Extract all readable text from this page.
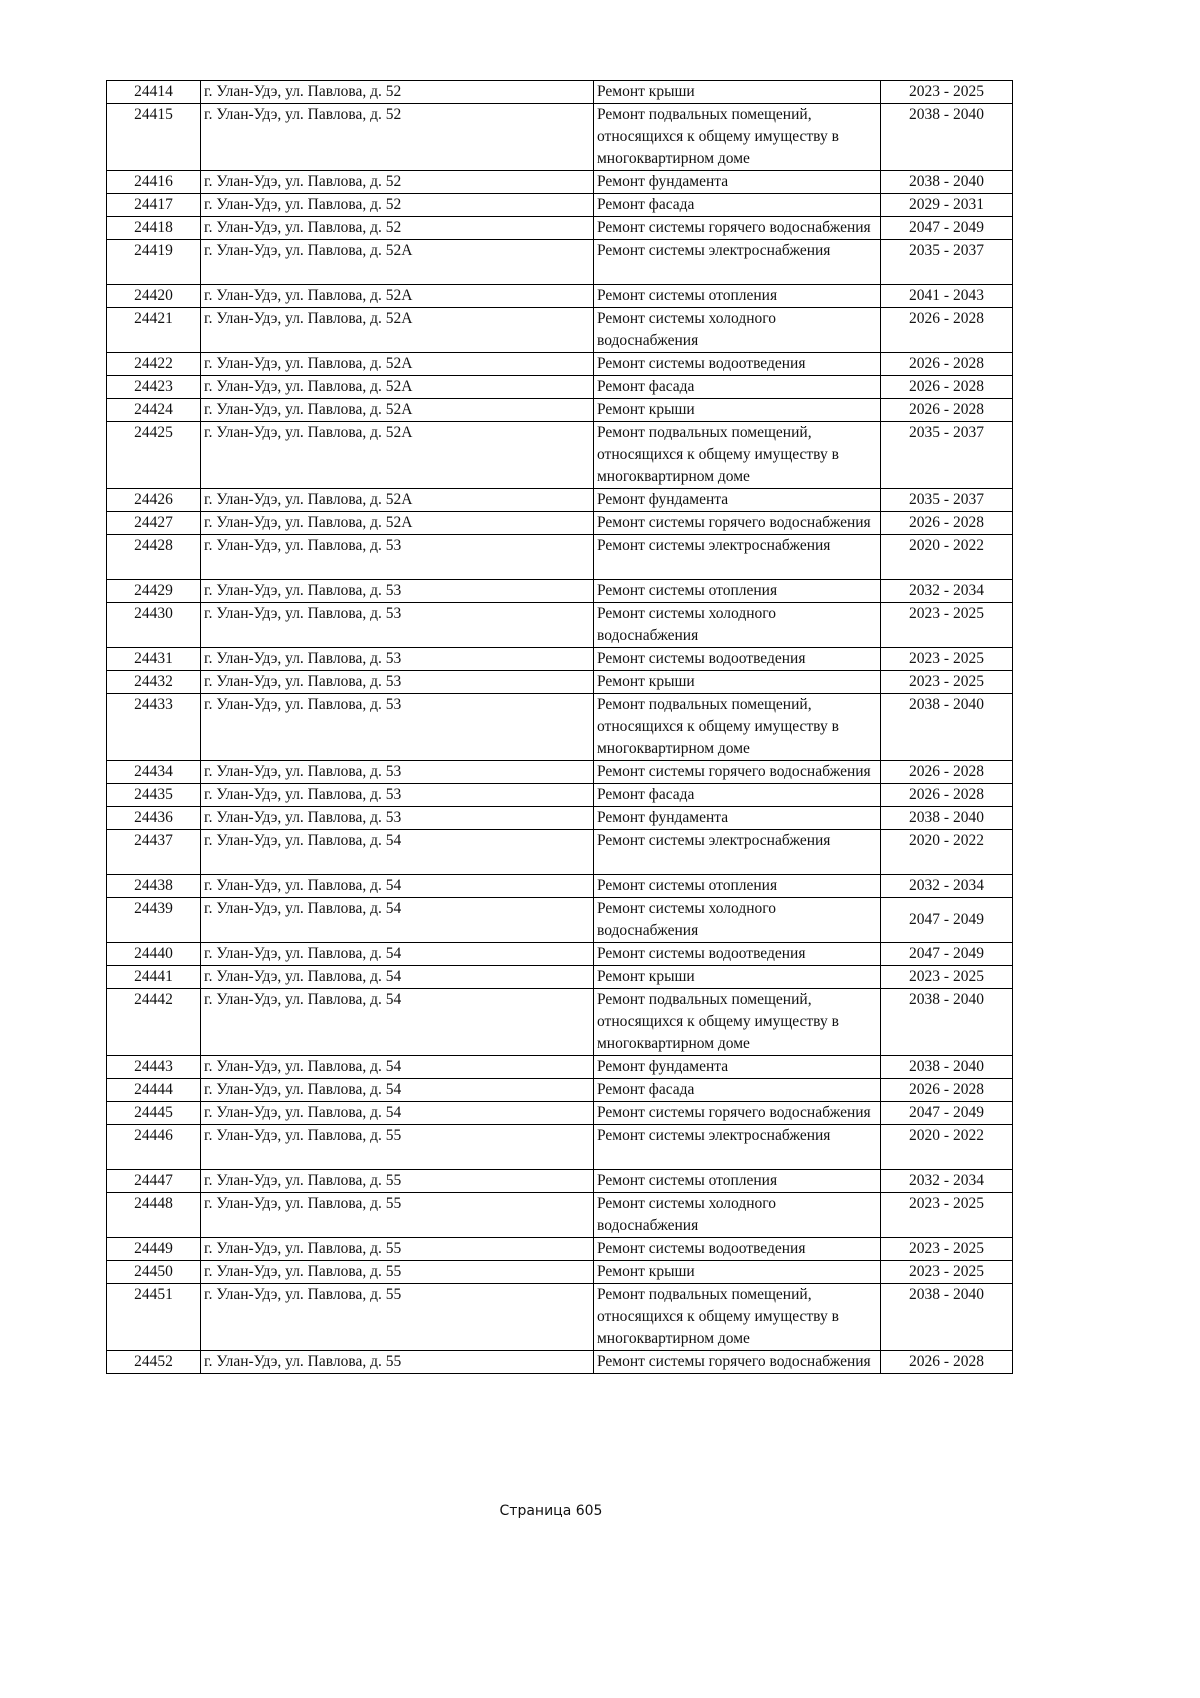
24414	г. Улан-Удэ, ул. Павлова, д. 52	Ремонт крыши	2023 - 2025
24415	г. Улан-Удэ, ул. Павлова, д. 52	Ремонт подвальных помещений, относящихся к общему имуществу в многоквартирном доме	2038 - 2040
24416	г. Улан-Удэ, ул. Павлова, д. 52	Ремонт фундамента	2038 - 2040
24417	г. Улан-Удэ, ул. Павлова, д. 52	Ремонт фасада	2029 - 2031
24418	г. Улан-Удэ, ул. Павлова, д. 52	Ремонт системы горячего водоснабжения	2047 - 2049
24419	г. Улан-Удэ, ул. Павлова, д. 52А	Ремонт системы электроснабжения	2035 - 2037
24420	г. Улан-Удэ, ул. Павлова, д. 52А	Ремонт системы отопления	2041 - 2043
24421	г. Улан-Удэ, ул. Павлова, д. 52А	Ремонт системы холодного водоснабжения	2026 - 2028
24422	г. Улан-Удэ, ул. Павлова, д. 52А	Ремонт системы водоотведения	2026 - 2028
24423	г. Улан-Удэ, ул. Павлова, д. 52А	Ремонт фасада	2026 - 2028
24424	г. Улан-Удэ, ул. Павлова, д. 52А	Ремонт крыши	2026 - 2028
24425	г. Улан-Удэ, ул. Павлова, д. 52А	Ремонт подвальных помещений, относящихся к общему имуществу в многоквартирном доме	2035 - 2037
24426	г. Улан-Удэ, ул. Павлова, д. 52А	Ремонт фундамента	2035 - 2037
24427	г. Улан-Удэ, ул. Павлова, д. 52А	Ремонт системы горячего водоснабжения	2026 - 2028
24428	г. Улан-Удэ, ул. Павлова, д. 53	Ремонт системы электроснабжения	2020 - 2022
24429	г. Улан-Удэ, ул. Павлова, д. 53	Ремонт системы отопления	2032 - 2034
24430	г. Улан-Удэ, ул. Павлова, д. 53	Ремонт системы холодного водоснабжения	2023 - 2025
24431	г. Улан-Удэ, ул. Павлова, д. 53	Ремонт системы водоотведения	2023 - 2025
24432	г. Улан-Удэ, ул. Павлова, д. 53	Ремонт крыши	2023 - 2025
24433	г. Улан-Удэ, ул. Павлова, д. 53	Ремонт подвальных помещений, относящихся к общему имуществу в многоквартирном доме	2038 - 2040
24434	г. Улан-Удэ, ул. Павлова, д. 53	Ремонт системы горячего водоснабжения	2026 - 2028
24435	г. Улан-Удэ, ул. Павлова, д. 53	Ремонт фасада	2026 - 2028
24436	г. Улан-Удэ, ул. Павлова, д. 53	Ремонт фундамента	2038 - 2040
24437	г. Улан-Удэ, ул. Павлова, д. 54	Ремонт системы электроснабжения	2020 - 2022
24438	г. Улан-Удэ, ул. Павлова, д. 54	Ремонт системы отопления	2032 - 2034
24439	г. Улан-Удэ, ул. Павлова, д. 54	Ремонт системы холодного водоснабжения	2047 - 2049
24440	г. Улан-Удэ, ул. Павлова, д. 54	Ремонт системы водоотведения	2047 - 2049
24441	г. Улан-Удэ, ул. Павлова, д. 54	Ремонт крыши	2023 - 2025
24442	г. Улан-Удэ, ул. Павлова, д. 54	Ремонт подвальных помещений, относящихся к общему имуществу в многоквартирном доме	2038 - 2040
24443	г. Улан-Удэ, ул. Павлова, д. 54	Ремонт фундамента	2038 - 2040
24444	г. Улан-Удэ, ул. Павлова, д. 54	Ремонт фасада	2026 - 2028
24445	г. Улан-Удэ, ул. Павлова, д. 54	Ремонт системы горячего водоснабжения	2047 - 2049
24446	г. Улан-Удэ, ул. Павлова, д. 55	Ремонт системы электроснабжения	2020 - 2022
24447	г. Улан-Удэ, ул. Павлова, д. 55	Ремонт системы отопления	2032 - 2034
24448	г. Улан-Удэ, ул. Павлова, д. 55	Ремонт системы холодного водоснабжения	2023 - 2025
24449	г. Улан-Удэ, ул. Павлова, д. 55	Ремонт системы водоотведения	2023 - 2025
24450	г. Улан-Удэ, ул. Павлова, д. 55	Ремонт крыши	2023 - 2025
24451	г. Улан-Удэ, ул. Павлова, д. 55	Ремонт подвальных помещений, относящихся к общему имуществу в многоквартирном доме	2038 - 2040
24452	г. Улан-Удэ, ул. Павлова, д. 55	Ремонт системы горячего водоснабжения	2026 - 2028
Страница 605
